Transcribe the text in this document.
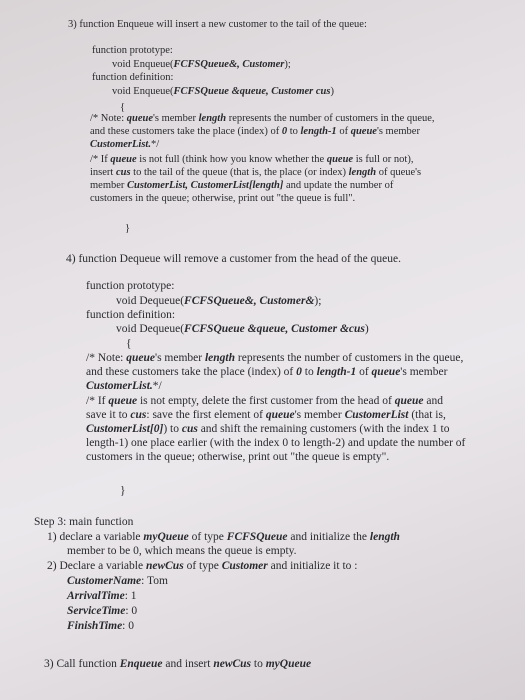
3) function Enqueue will insert a new customer to the tail of the queue:
function prototype:
void Enqueue(FCFSQueue&, Customer);
function definition:
void Enqueue(FCFSQueue &queue, Customer cus)
{
/* Note: queue's member length represents the number of customers in the queue,
and these customers take the place (index) of 0 to length-1 of queue's member
CustomerList.*/
/* If queue is not full (think how you know whether the queue is full or not),
insert cus to the tail of the queue (that is, the place (or index) length of queue's
member CustomerList, CustomerList[length] and update the number of
customers in the queue; otherwise, print out "the queue is full".
}
4) function Dequeue will remove a customer from the head of the queue.
function prototype:
void Dequeue(FCFSQueue&, Customer&);
function definition:
void Dequeue(FCFSQueue &queue, Customer &cus)
{
/* Note: queue's member length represents the number of customers in the queue,
and these customers take the place (index) of 0 to length-1 of queue's member
CustomerList.*/
/* If queue is not empty, delete the first customer from the head of queue and
save it to cus: save the first element of queue's member CustomerList (that is,
CustomerList[0]) to cus and shift the remaining customers (with the index 1 to
length-1) one place earlier (with the index 0 to length-2) and update the number of
customers in the queue; otherwise, print out "the queue is empty".
}
Step 3: main function
1) declare a variable myQueue of type FCFSQueue and initialize the length
member to be 0, which means the queue is empty.
2) Declare a variable newCus of type Customer and initialize it to :
CustomerName: Tom
ArrivalTime: 1
ServiceTime: 0
FinishTime: 0
3) Call function Enqueue and insert newCus to myQueue
